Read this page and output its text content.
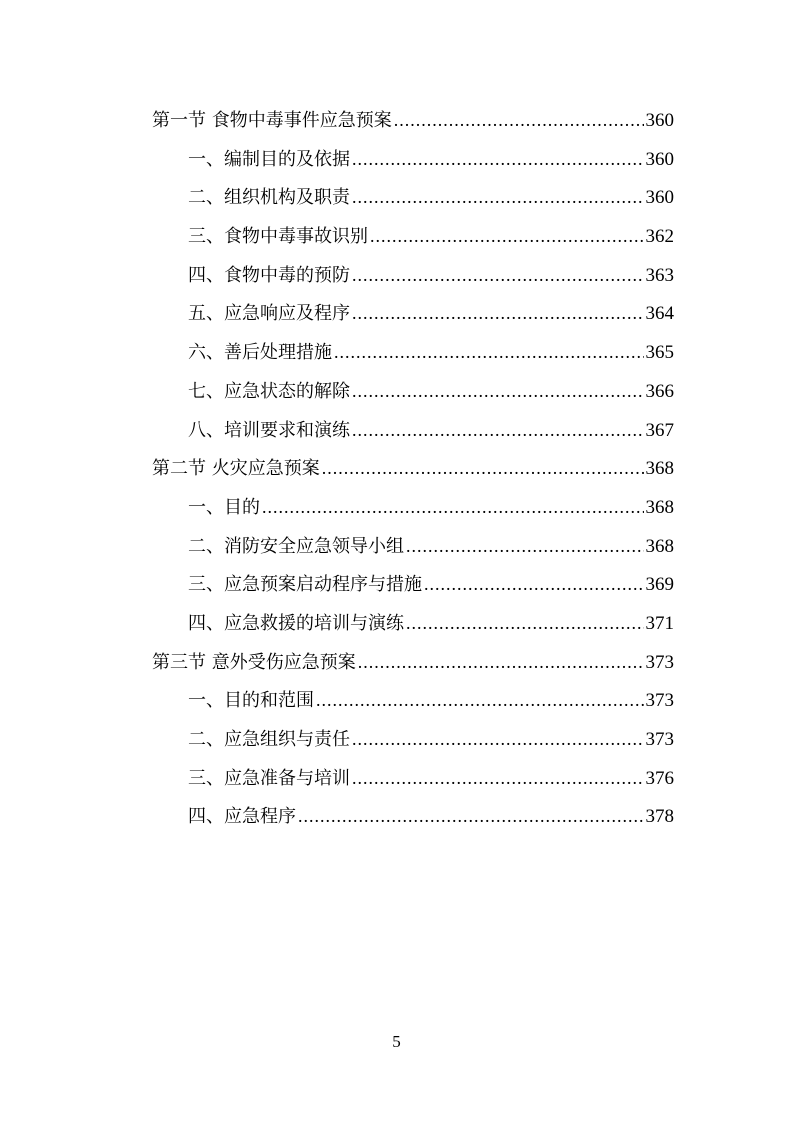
第一节 食物中毒事件应急预案 .....	360
一、编制目的及依据 .....	360
二、组织机构及职责 .....	360
三、食物中毒事故识别 .....	362
四、食物中毒的预防 .....	363
五、应急响应及程序 .....	364
六、善后处理措施 .....	365
七、应急状态的解除 .....	366
八、培训要求和演练 .....	367
第二节 火灾应急预案 .....	368
一、目的 .....	368
二、消防安全应急领导小组 .....	368
三、应急预案启动程序与措施 .....	369
四、应急救援的培训与演练 .....	371
第三节 意外受伤应急预案 .....	373
一、目的和范围 .....	373
二、应急组织与责任 .....	373
三、应急准备与培训 .....	376
四、应急程序 .....	378
5
